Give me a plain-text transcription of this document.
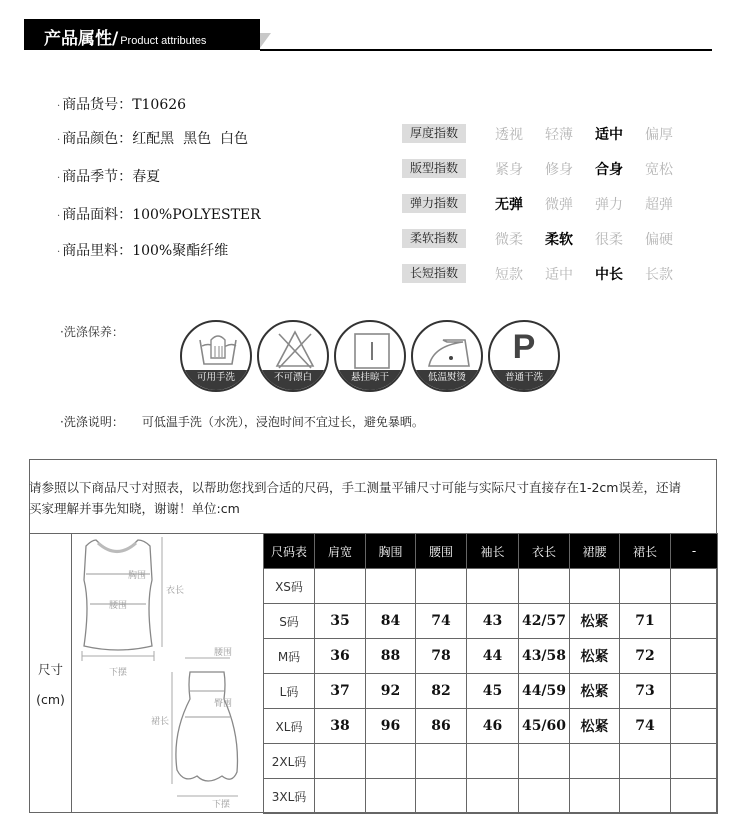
产品属性/ Product attributes
· 商品货号：T10626
· 商品颜色：红配黑  黑色  白色
· 商品季节：春夏
· 商品面料：100%POLYESTER
· 商品里料：100%聚酯纤维
厚度指数	透视	轻薄	适中	偏厚
版型指数	紧身	修身	合身	宽松
弹力指数	无弹	微弹	弹力	超弹
柔软指数	微柔	柔软	很柔	偏硬
长短指数	短款	适中	中长	长款
·洗涤保养：
可用手洗	不可漂白	悬挂晾干	低温熨烫
P
普通干洗
·洗涤说明： 可低温手洗（水洗），浸泡时间不宜过长，避免暴晒。
请参照以下商品尺寸对照表，以帮助您找到合适的尺码，手工测量平铺尺寸可能与实际尺寸直接存在1-2cm误差，还请
买家理解并事先知晓，谢谢！单位:cm
尺寸
(cm)
胸围
腰围
衣长
下摆
腰围
臀围
裙长
下摆
尺码表	肩宽	胸围	腰围	袖长	衣长	裙腰	裙长	-
XS码								
S码	35	84	74	43	42/57	松紧	71	
M码	36	88	78	44	43/58	松紧	72	
L码	37	92	82	45	44/59	松紧	73	
XL码	38	96	86	46	45/60	松紧	74	
2XL码								
3XL码								
